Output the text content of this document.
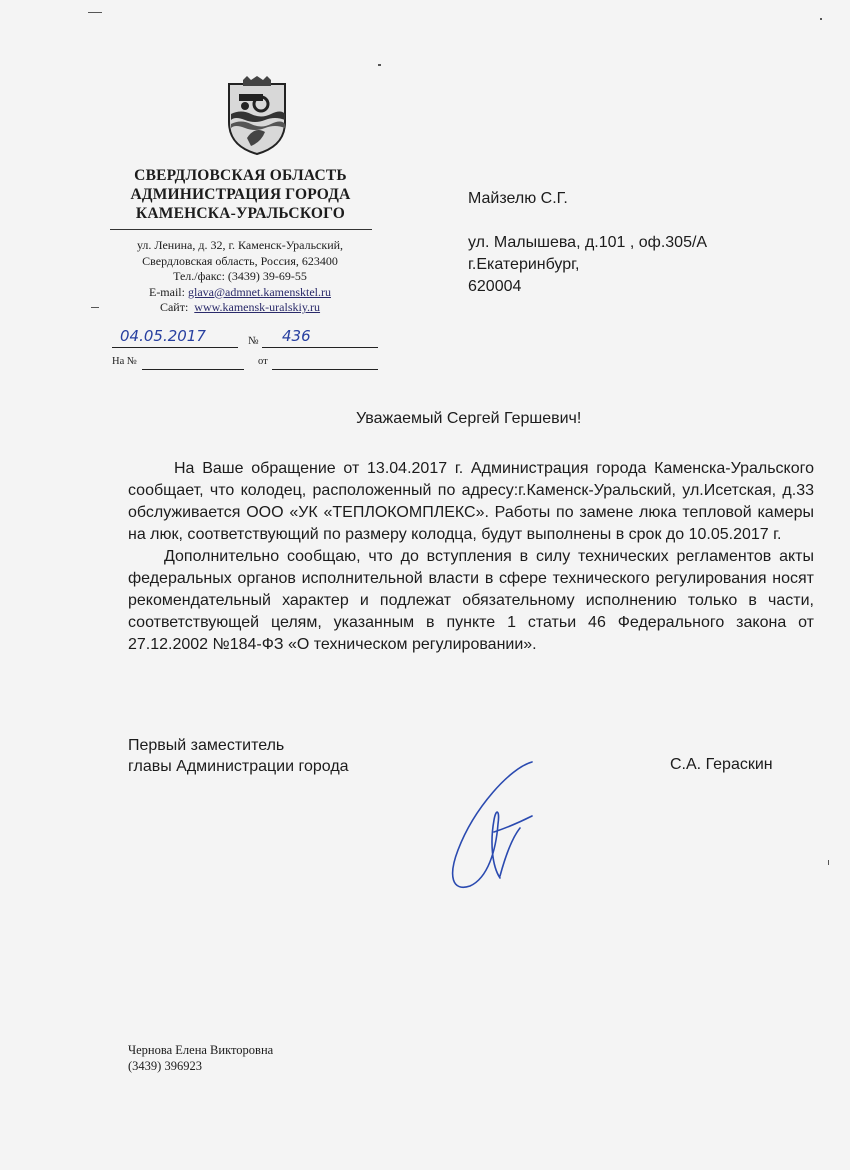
СВЕРДЛОВСКАЯ ОБЛАСТЬ
АДМИНИСТРАЦИЯ ГОРОДА
КАМЕНСКА-УРАЛЬСКОГО
ул. Ленина, д. 32, г. Каменск-Уральский,
Свердловская область, Россия, 623400
Тел./факс: (3439) 39-69-55
E-mail: glava@admnet.kamensktel.ru
Сайт: www.kamensk-uralskiy.ru
04.05.2017	№ 436
На №	от
Майзелю С.Г.
ул. Малышева, д.101 , оф.305/А
г.Екатеринбург,
620004
Уважаемый Сергей Гершевич!

На Ваше обращение от 13.04.2017 г. Администрация города Каменска-Уральского сообщает, что колодец, расположенный по адресу:г.Каменск-Уральский, ул.Исетская, д.33 обслуживается ООО «УК «ТЕПЛОКОМПЛЕКС». Работы по замене люка тепловой камеры на люк, соответствующий по размеру колодца, будут выполнены в срок до 10.05.2017 г.

Дополнительно сообщаю, что до вступления в силу технических регламентов акты федеральных органов исполнительной власти в сфере технического регулирования носят рекомендательный характер и подлежат обязательному исполнению только в части, соответствующей целям, указанным в пункте 1 статьи 46 Федерального закона от 27.12.2002 №184-ФЗ «О техническом регулировании».

Первый заместитель
главы Администрации города	С.А. Гераскин
Чернова Елена Викторовна
(3439) 396923
